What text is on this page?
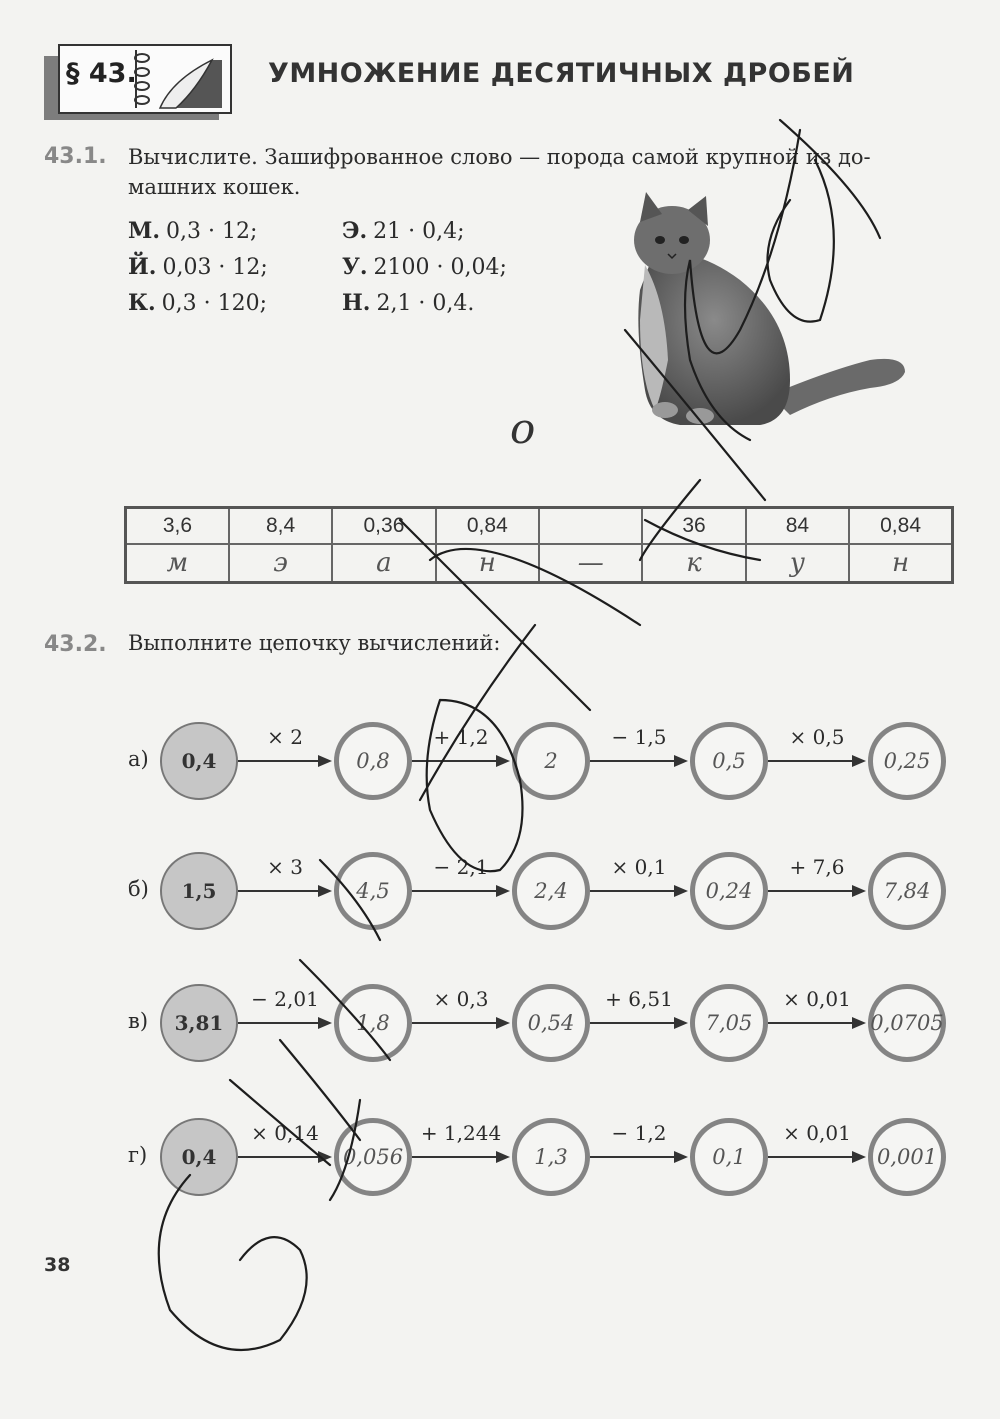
§ 43.	УМНОЖЕНИЕ ДЕСЯТИЧНЫХ ДРОБЕЙ
43.1. Вычислите. Зашифрованное слово — порода самой крупной из до-
машних кошек.
М. 0,3 · 12;	Э. 21 · 0,4;
Й. 0,03 · 12;	У. 2100 · 0,04;
К. 0,3 · 120;	Н. 2,1 · 0,4.
o
3,6	8,4	0,36	0,84		36	84	0,84
м	э	а	н	—	к	у	н
43.2. Выполните цепочку вычислений:
а)	0,4
× 2
0,8
+ 1,2
2
− 1,5
0,5
× 0,5
0,25
б)	1,5
× 3
4,5
− 2,1
2,4
× 0,1
0,24
+ 7,6
7,84
в)	3,81
− 2,01
1,8
× 0,3
0,54
+ 6,51
7,05
× 0,01
0,0705
г)	0,4
× 0,14
0,056
+ 1,244
1,3
− 1,2
0,1
× 0,01
0,001
38
